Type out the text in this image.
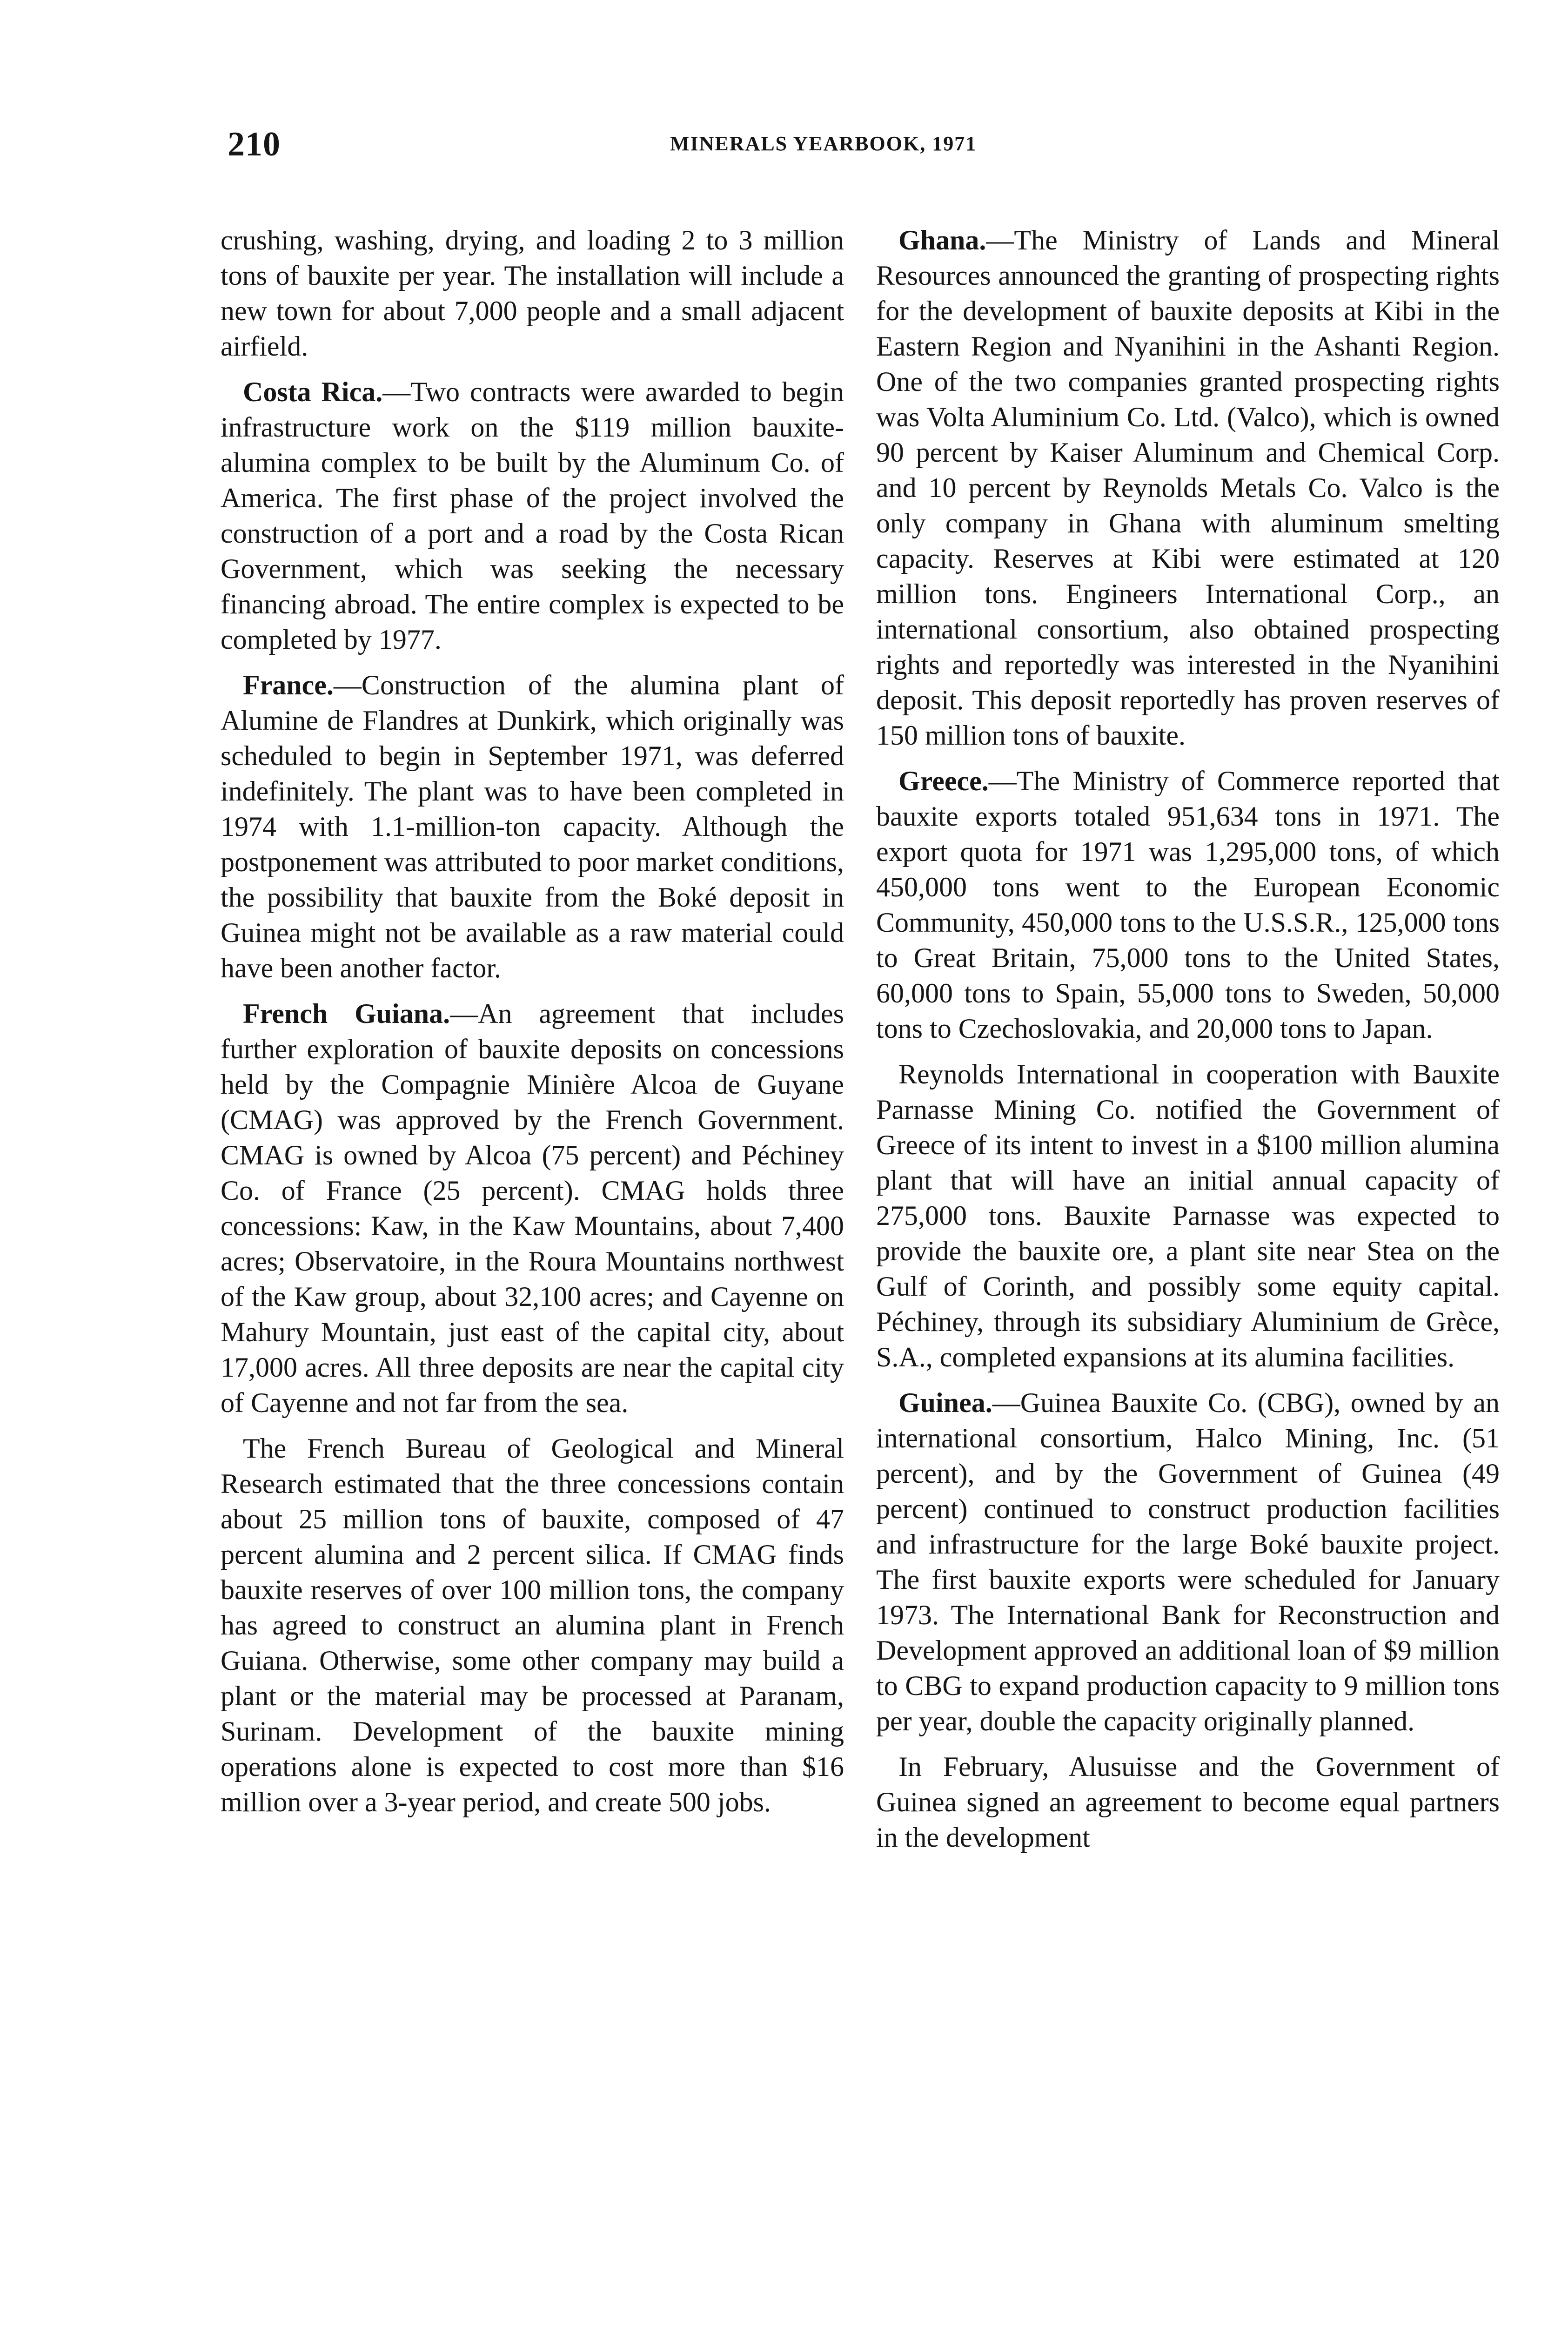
210	MINERALS YEARBOOK, 1971

crushing, washing, drying, and loading 2 to 3 million tons of bauxite per year. The installation will include a new town for about 7,000 people and a small adjacent airfield.

Costa Rica.—Two contracts were awarded to begin infrastructure work on the $119 million bauxite-alumina complex to be built by the Aluminum Co. of America. The first phase of the project involved the construction of a port and a road by the Costa Rican Government, which was seeking the necessary financing abroad. The entire complex is expected to be completed by 1977.

France.—Construction of the alumina plant of Alumine de Flandres at Dunkirk, which originally was scheduled to begin in September 1971, was deferred indefinitely. The plant was to have been completed in 1974 with 1.1-million-ton capacity. Although the postponement was attributed to poor market conditions, the possibility that bauxite from the Boké deposit in Guinea might not be available as a raw material could have been another factor.

French Guiana.—An agreement that includes further exploration of bauxite deposits on concessions held by the Compagnie Minière Alcoa de Guyane (CMAG) was approved by the French Government. CMAG is owned by Alcoa (75 percent) and Péchiney Co. of France (25 percent). CMAG holds three concessions: Kaw, in the Kaw Mountains, about 7,400 acres; Observatoire, in the Roura Mountains northwest of the Kaw group, about 32,100 acres; and Cayenne on Mahury Mountain, just east of the capital city, about 17,000 acres. All three deposits are near the capital city of Cayenne and not far from the sea.

The French Bureau of Geological and Mineral Research estimated that the three concessions contain about 25 million tons of bauxite, composed of 47 percent alumina and 2 percent silica. If CMAG finds bauxite reserves of over 100 million tons, the company has agreed to construct an alumina plant in French Guiana. Otherwise, some other company may build a plant or the material may be processed at Paranam, Surinam. Development of the bauxite mining operations alone is expected to cost more than $16 million over a 3-year period, and create 500 jobs.

Ghana.—The Ministry of Lands and Mineral Resources announced the granting of prospecting rights for the development of bauxite deposits at Kibi in the Eastern Region and Nyanihini in the Ashanti Region. One of the two companies granted prospecting rights was Volta Aluminium Co. Ltd. (Valco), which is owned 90 percent by Kaiser Aluminum and Chemical Corp. and 10 percent by Reynolds Metals Co. Valco is the only company in Ghana with aluminum smelting capacity. Reserves at Kibi were estimated at 120 million tons. Engineers International Corp., an international consortium, also obtained prospecting rights and reportedly was interested in the Nyanihini deposit. This deposit reportedly has proven reserves of 150 million tons of bauxite.

Greece.—The Ministry of Commerce reported that bauxite exports totaled 951,634 tons in 1971. The export quota for 1971 was 1,295,000 tons, of which 450,000 tons went to the European Economic Community, 450,000 tons to the U.S.S.R., 125,000 tons to Great Britain, 75,000 tons to the United States, 60,000 tons to Spain, 55,000 tons to Sweden, 50,000 tons to Czechoslovakia, and 20,000 tons to Japan.

Reynolds International in cooperation with Bauxite Parnasse Mining Co. notified the Government of Greece of its intent to invest in a $100 million alumina plant that will have an initial annual capacity of 275,000 tons. Bauxite Parnasse was expected to provide the bauxite ore, a plant site near Stea on the Gulf of Corinth, and possibly some equity capital. Péchiney, through its subsidiary Aluminium de Grèce, S.A., completed expansions at its alumina facilities.

Guinea.—Guinea Bauxite Co. (CBG), owned by an international consortium, Halco Mining, Inc. (51 percent), and by the Government of Guinea (49 percent) continued to construct production facilities and infrastructure for the large Boké bauxite project. The first bauxite exports were scheduled for January 1973. The International Bank for Reconstruction and Development approved an additional loan of $9 million to CBG to expand production capacity to 9 million tons per year, double the capacity originally planned.

In February, Alusuisse and the Government of Guinea signed an agreement to become equal partners in the development
